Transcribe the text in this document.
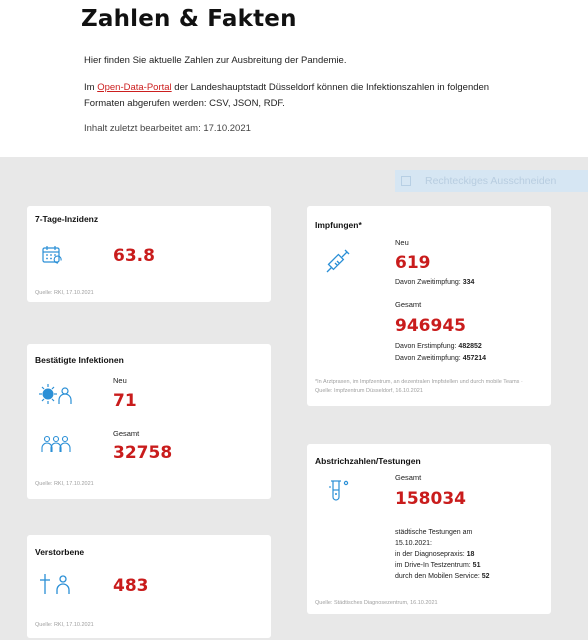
Zahlen & Fakten

Hier finden Sie aktuelle Zahlen zur Ausbreitung der Pandemie.

Im Open-Data-Portal der Landeshauptstadt Düsseldorf können die Infektionszahlen in folgenden Formaten abgerufen werden: CSV, JSON, RDF.

Inhalt zuletzt bearbeitet am: 17.10.2021

Rechteckiges Ausschneiden
7-Tage-Inzidenz
63.8
Quelle: RKI, 17.10.2021
Bestätigte Infektionen
Neu
71
Gesamt
32758
Quelle: RKI, 17.10.2021
Verstorbene
483
Quelle: RKI, 17.10.2021
Impfungen*
Neu
619
Davon Zweitimpfung: 334
Gesamt
946945
Davon Erstimpfung: 482852
Davon Zweitimpfung: 457214
*In Arztpraxen, im Impfzentrum, an dezentralen Impfstellen und durch mobile Teams · Quelle: Impfzentrum Düsseldorf, 16.10.2021
Abstrichzahlen/Testungen
Gesamt
158034
städtische Testungen am
15.10.2021:
in der Diagnosepraxis: 18
im Drive-In Testzentrum: 51
durch den Mobilen Service: 52
Quelle: Städtisches Diagnosezentrum, 16.10.2021
